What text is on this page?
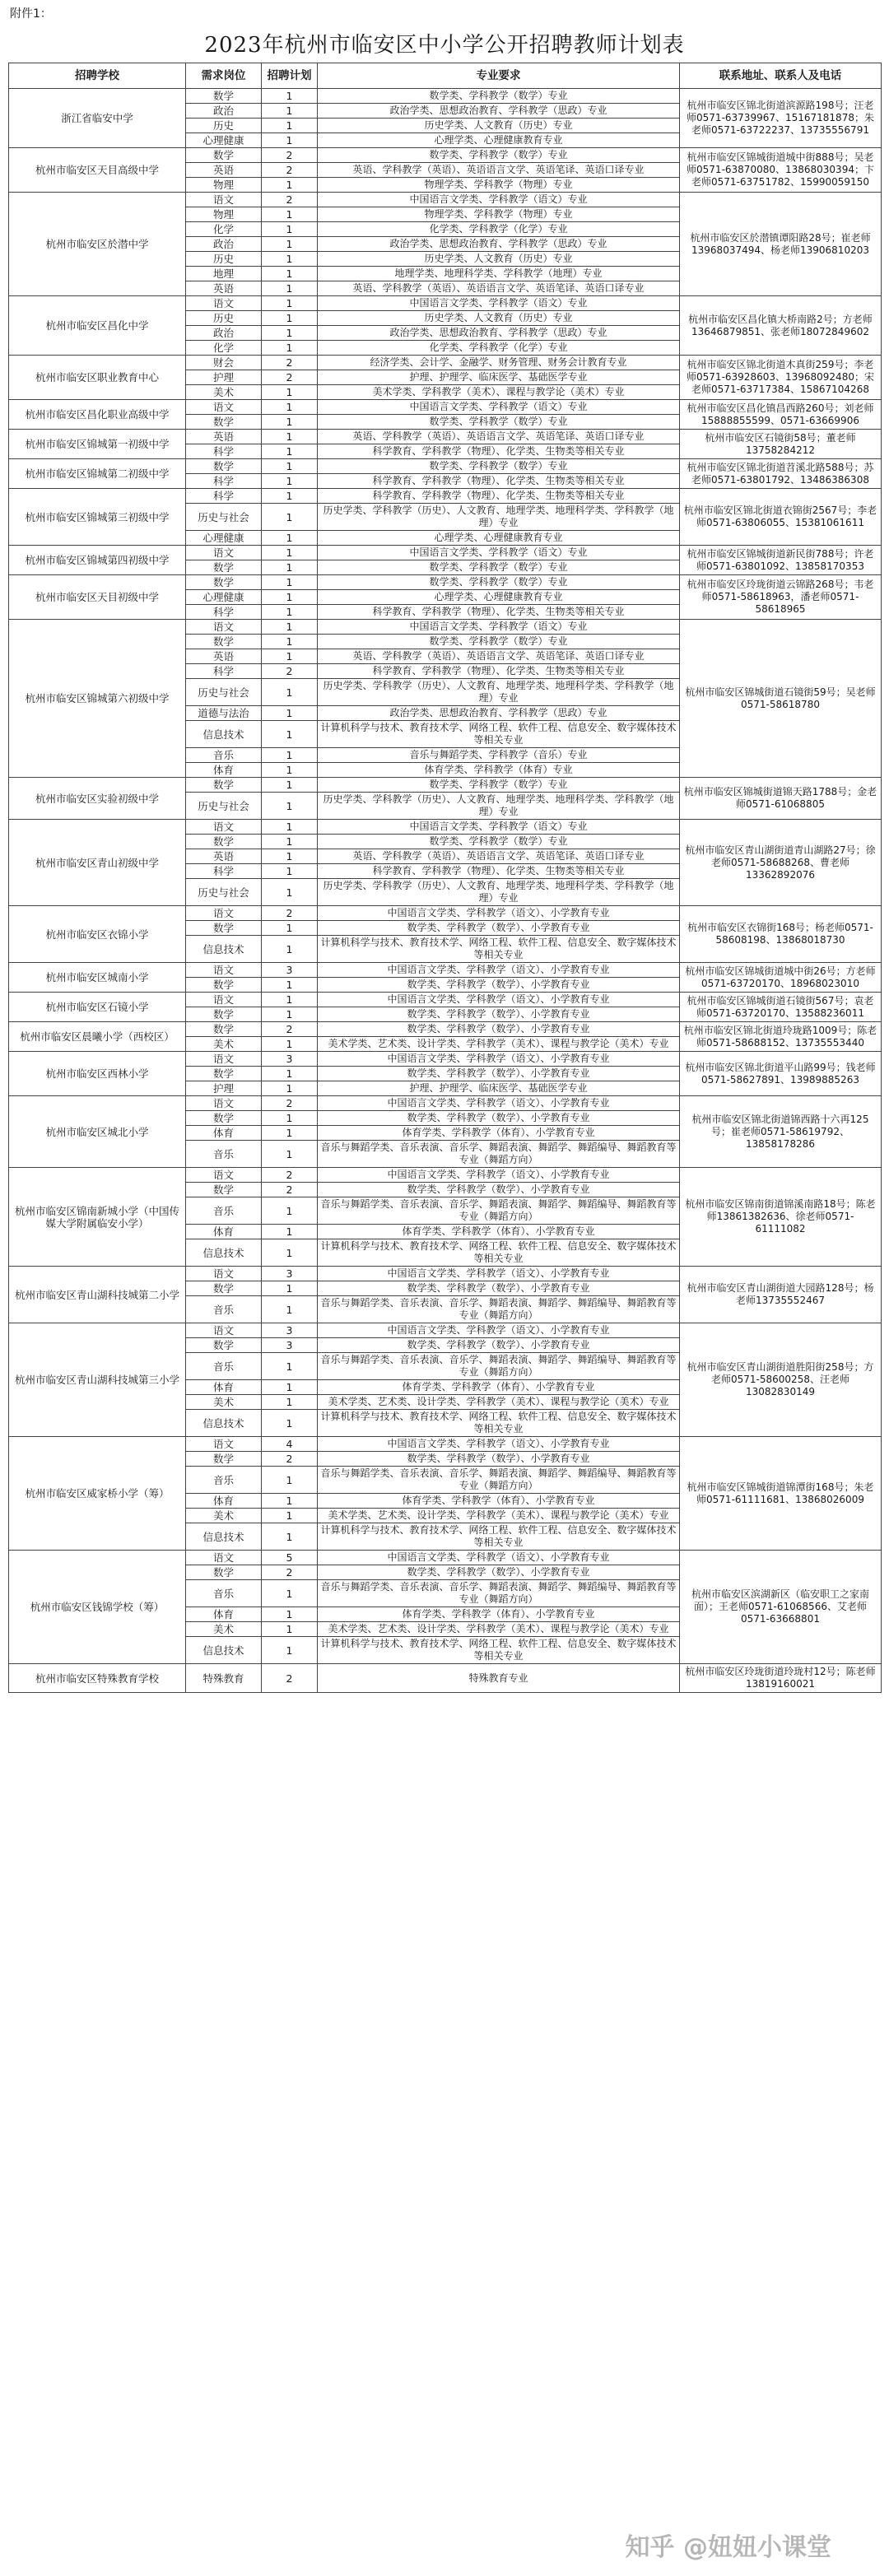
附件1：
2023年杭州市临安区中小学公开招聘教师计划表
招聘学校	需求岗位	招聘计划	专业要求	联系地址、联系人及电话
浙江省临安中学	数学	1	数学类、学科教学（数学）专业	杭州市临安区锦北街道滨源路198号；汪老师0571-63739967、15167181878；朱老师0571-63722237、13735556791
	政治	1	政治学类、思想政治教育、学科教学（思政）专业	
	历史	1	历史学类、人文教育（历史）专业	
	心理健康	1	心理学类、心理健康教育专业	
杭州市临安区天目高级中学	数学	2	数学类、学科教学（数学）专业	杭州市临安区锦城街道城中街888号；吴老师0571-63870080、13868030394；卞老师0571-63751782、15990059150
	英语	2	英语、学科教学（英语）、英语语言文学、英语笔译、英语口译专业	
	物理	1	物理学类、学科教学（物理）专业	
杭州市临安区於潜中学	语文	2	中国语言文学类、学科教学（语文）专业	杭州市临安区於潜镇谭阳路28号；崔老师13968037494、杨老师13906810203
	物理	1	物理学类、学科教学（物理）专业	
	化学	1	化学类、学科教学（化学）专业	
	政治	1	政治学类、思想政治教育、学科教学（思政）专业	
	历史	1	历史学类、人文教育（历史）专业	
	地理	1	地理学类、地理科学类、学科教学（地理）专业	
	英语	1	英语、学科教学（英语）、英语语言文学、英语笔译、英语口译专业	
杭州市临安区昌化中学	语文	1	中国语言文学类、学科教学（语文）专业	杭州市临安区昌化镇大桥南路2号；方老师13646879851、张老师18072849602
	历史	1	历史学类、人文教育（历史）专业	
	政治	1	政治学类、思想政治教育、学科教学（思政）专业	
	化学	1	化学类、学科教学（化学）专业	
杭州市临安区职业教育中心	财会	2	经济学类、会计学、金融学、财务管理、财务会计教育专业	杭州市临安区锦北街道木真街259号；李老师0571-63928603、13968092480；宋老师0571-63717384、15867104268
	护理	2	护理、护理学、临床医学、基础医学专业	
	美术	1	美术学类、学科教学（美术）、课程与教学论（美术）专业	
杭州市临安区昌化职业高级中学	语文	1	中国语言文学类、学科教学（语文）专业	杭州市临安区昌化镇昌西路260号；刘老师15888855599、0571-63669906
	数学	1	数学类、学科教学（数学）专业	
杭州市临安区锦城第一初级中学	英语	1	英语、学科教学（英语）、英语语言文学、英语笔译、英语口译专业	杭州市临安区石镜街58号；董老师13758284212
	科学	1	科学教育、学科教学（物理）、化学类、生物类等相关专业	
杭州市临安区锦城第二初级中学	数学	1	数学类、学科教学（数学）专业	杭州市临安区锦北街道苕溪北路588号；苏老师0571-63801792、13486386308
	科学	1	科学教育、学科教学（物理）、化学类、生物类等相关专业	
杭州市临安区锦城第三初级中学	科学	1	科学教育、学科教学（物理）、化学类、生物类等相关专业	杭州市临安区锦北街道衣锦街2567号；李老师0571-63806055、15381061611
	历史与社会	1	历史学类、学科教学（历史）、人文教育、地理学类、地理科学类、学科教学（地理）专业	
	心理健康	1	心理学类、心理健康教育专业	
杭州市临安区锦城第四初级中学	语文	1	中国语言文学类、学科教学（语文）专业	杭州市临安区锦城街道新民街788号；许老师0571-63801092、13858170353
	数学	1	数学类、学科教学（数学）专业	
杭州市临安区天目初级中学	数学	1	数学类、学科教学（数学）专业	杭州市临安区玲珑街道云锦路268号；韦老师0571-58618963，潘老师0571-58618965
	心理健康	1	心理学类、心理健康教育专业	
	科学	1	科学教育、学科教学（物理）、化学类、生物类等相关专业	
杭州市临安区锦城第六初级中学	语文	1	中国语言文学类、学科教学（语文）专业	杭州市临安区锦城街道石镜街59号；吴老师0571-58618780
	数学	1	数学类、学科教学（数学）专业	
	英语	1	英语、学科教学（英语）、英语语言文学、英语笔译、英语口译专业	
	科学	2	科学教育、学科教学（物理）、化学类、生物类等相关专业	
	历史与社会	1	历史学类、学科教学（历史）、人文教育、地理学类、地理科学类、学科教学（地理）专业	
	道德与法治	1	政治学类、思想政治教育、学科教学（思政）专业	
	信息技术	1	计算机科学与技术、教育技术学、网络工程、软件工程、信息安全、数字媒体技术等相关专业	
	音乐	1	音乐与舞蹈学类、学科教学（音乐）专业	
	体育	1	体育学类、学科教学（体育）专业	
杭州市临安区实验初级中学	数学	1	数学类、学科教学（数学）专业	杭州市临安区锦城街道锦天路1788号；金老师0571-61068805
	历史与社会	1	历史学类、学科教学（历史）、人文教育、地理学类、地理科学类、学科教学（地理）专业	
杭州市临安区青山初级中学	语文	1	中国语言文学类、学科教学（语文）专业	杭州市临安区青山湖街道青山湖路27号；徐老师0571-58688268、曹老师13362892076
	数学	1	数学类、学科教学（数学）专业	
	英语	1	英语、学科教学（英语）、英语语言文学、英语笔译、英语口译专业	
	科学	1	科学教育、学科教学（物理）、化学类、生物类等相关专业	
	历史与社会	1	历史学类、学科教学（历史）、人文教育、地理学类、地理科学类、学科教学（地理）专业	
杭州市临安区衣锦小学	语文	2	中国语言文学类、学科教学（语文）、小学教育专业	杭州市临安区衣锦街168号；杨老师0571-58608198、13868018730
	数学	1	数学类、学科教学（数学）、小学教育专业	
	信息技术	1	计算机科学与技术、教育技术学、网络工程、软件工程、信息安全、数字媒体技术等相关专业	
杭州市临安区城南小学	语文	3	中国语言文学类、学科教学（语文）、小学教育专业	杭州市临安区锦城街道城中街26号；方老师0571-63720170、18968023010
	数学	1	数学类、学科教学（数学）、小学教育专业	
杭州市临安区石镜小学	语文	1	中国语言文学类、学科教学（语文）、小学教育专业	杭州市临安区锦城街道石镜街567号；袁老师0571-63720170、13588236011
	数学	1	数学类、学科教学（数学）、小学教育专业	
杭州市临安区晨曦小学（西校区）	数学	2	数学类、学科教学（数学）、小学教育专业	杭州市临安区锦北街道玲珑路1009号；陈老师0571-58688152、13735553440
	美术	1	美术学类、艺术类、设计学类、学科教学（美术）、课程与教学论（美术）专业	
杭州市临安区西林小学	语文	3	中国语言文学类、学科教学（语文）、小学教育专业	杭州市临安区锦北街道平山路99号；钱老师0571-58627891、13989885263
	数学	1	数学类、学科教学（数学）、小学教育专业	
	护理	1	护理、护理学、临床医学、基础医学专业	
杭州市临安区城北小学	语文	2	中国语言文学类、学科教学（语文）、小学教育专业	杭州市临安区锦北街道锦西路十六再125号；崔老师0571-58619792、13858178286
	数学	1	数学类、学科教学（数学）、小学教育专业	
	体育	1	体育学类、学科教学（体育）、小学教育专业	
	音乐	1	音乐与舞蹈学类、音乐表演、音乐学、舞蹈表演、舞蹈学、舞蹈编导、舞蹈教育等专业（舞蹈方向）	
杭州市临安区锦南新城小学（中国传媒大学附属临安小学）	语文	2	中国语言文学类、学科教学（语文）、小学教育专业	杭州市临安区锦南街道锦溪南路18号；陈老师13861382636、徐老师0571-61111082
	数学	2	数学类、学科教学（数学）、小学教育专业	
	音乐	1	音乐与舞蹈学类、音乐表演、音乐学、舞蹈表演、舞蹈学、舞蹈编导、舞蹈教育等专业（舞蹈方向）	
	体育	1	体育学类、学科教学（体育）、小学教育专业	
	信息技术	1	计算机科学与技术、教育技术学、网络工程、软件工程、信息安全、数字媒体技术等相关专业	
杭州市临安区青山湖科技城第二小学	语文	3	中国语言文学类、学科教学（语文）、小学教育专业	杭州市临安区青山湖街道大园路128号；杨老师13735552467
	数学	1	数学类、学科教学（数学）、小学教育专业	
	音乐	1	音乐与舞蹈学类、音乐表演、音乐学、舞蹈表演、舞蹈学、舞蹈编导、舞蹈教育等专业（舞蹈方向）	
杭州市临安区青山湖科技城第三小学	语文	3	中国语言文学类、学科教学（语文）、小学教育专业	杭州市临安区青山湖街道胜阳街258号；方老师0571-58600258、汪老师13082830149
	数学	3	数学类、学科教学（数学）、小学教育专业	
	音乐	1	音乐与舞蹈学类、音乐表演、音乐学、舞蹈表演、舞蹈学、舞蹈编导、舞蹈教育等专业（舞蹈方向）	
	体育	1	体育学类、学科教学（体育）、小学教育专业	
	美术	1	美术学类、艺术类、设计学类、学科教学（美术）、课程与教学论（美术）专业	
	信息技术	1	计算机科学与技术、教育技术学、网络工程、软件工程、信息安全、数字媒体技术等相关专业	
杭州市临安区威家桥小学（筹）	语文	4	中国语言文学类、学科教学（语文）、小学教育专业	杭州市临安区锦城街道锦潭街168号；朱老师0571-61111681、13868026009
	数学	2	数学类、学科教学（数学）、小学教育专业	
	音乐	1	音乐与舞蹈学类、音乐表演、音乐学、舞蹈表演、舞蹈学、舞蹈编导、舞蹈教育等专业（舞蹈方向）	
	体育	1	体育学类、学科教学（体育）、小学教育专业	
	美术	1	美术学类、艺术类、设计学类、学科教学（美术）、课程与教学论（美术）专业	
	信息技术	1	计算机科学与技术、教育技术学、网络工程、软件工程、信息安全、数字媒体技术等相关专业	
杭州市临安区钱锦学校（筹）	语文	5	中国语言文学类、学科教学（语文）、小学教育专业	杭州市临安区滨湖新区（临安职工之家南面）；王老师0571-61068566、艾老师0571-63668801
	数学	2	数学类、学科教学（数学）、小学教育专业	
	音乐	1	音乐与舞蹈学类、音乐表演、音乐学、舞蹈表演、舞蹈学、舞蹈编导、舞蹈教育等专业（舞蹈方向）	
	体育	1	体育学类、学科教学（体育）、小学教育专业	
	美术	1	美术学类、艺术类、设计学类、学科教学（美术）、课程与教学论（美术）专业	
	信息技术	1	计算机科学与技术、教育技术学、网络工程、软件工程、信息安全、数字媒体技术等相关专业	
杭州市临安区特殊教育学校	特殊教育	2	特殊教育专业	杭州市临安区玲珑街道玲珑村12号；陈老师13819160021
知乎 @妞妞小课堂
